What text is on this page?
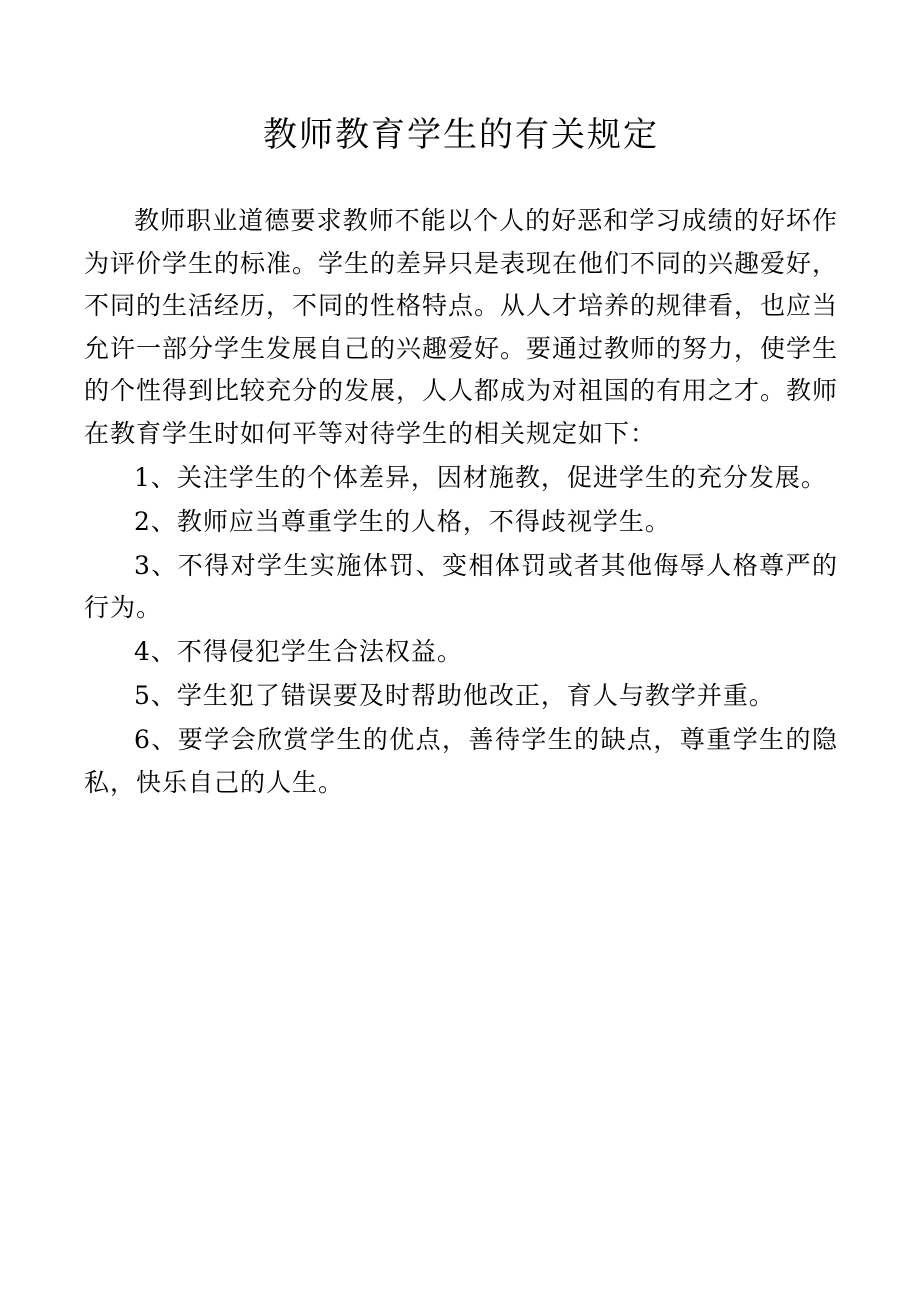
教师教育学生的有关规定

教师职业道德要求教师不能以个人的好恶和学习成绩的好坏作为评价学生的标准。学生的差异只是表现在他们不同的兴趣爱好，不同的生活经历，不同的性格特点。从人才培养的规律看，也应当允许一部分学生发展自己的兴趣爱好。要通过教师的努力，使学生的个性得到比较充分的发展，人人都成为对祖国的有用之才。教师在教育学生时如何平等对待学生的相关规定如下：

1、关注学生的个体差异，因材施教，促进学生的充分发展。

2、教师应当尊重学生的人格，不得歧视学生。

3、不得对学生实施体罚、变相体罚或者其他侮辱人格尊严的行为。

4、不得侵犯学生合法权益。

5、学生犯了错误要及时帮助他改正，育人与教学并重。

6、要学会欣赏学生的优点，善待学生的缺点，尊重学生的隐私，快乐自己的人生。
